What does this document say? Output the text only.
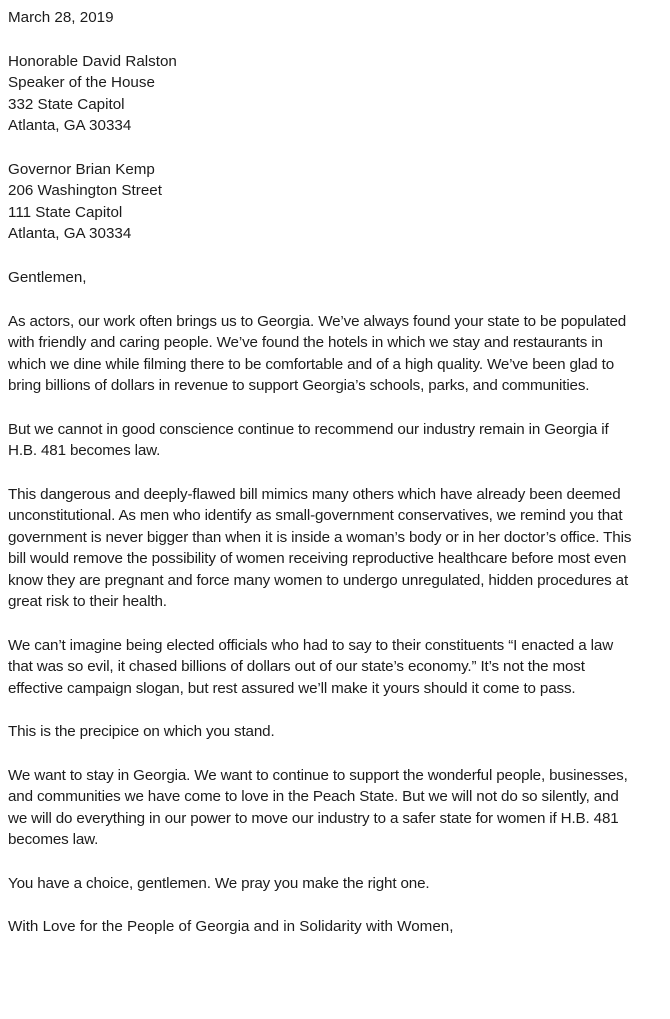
March 28, 2019
Honorable David Ralston
Speaker of the House
332 State Capitol
Atlanta, GA 30334
Governor Brian Kemp
206 Washington Street
111 State Capitol
Atlanta, GA 30334
Gentlemen,
As actors, our work often brings us to Georgia. We’ve always found your state to be populated
with friendly and caring people. We’ve found the hotels in which we stay and restaurants in
which we dine while filming there to be comfortable and of a high quality. We’ve been glad to
bring billions of dollars in revenue to support Georgia’s schools, parks, and communities.
But we cannot in good conscience continue to recommend our industry remain in Georgia if
H.B. 481 becomes law.
This dangerous and deeply-flawed bill mimics many others which have already been deemed
unconstitutional. As men who identify as small-government conservatives, we remind you that
government is never bigger than when it is inside a woman’s body or in her doctor’s office. This
bill would remove the possibility of women receiving reproductive healthcare before most even
know they are pregnant and force many women to undergo unregulated, hidden procedures at
great risk to their health.
We can’t imagine being elected officials who had to say to their constituents “I enacted a law
that was so evil, it chased billions of dollars out of our state’s economy.” It’s not the most
effective campaign slogan, but rest assured we’ll make it yours should it come to pass.
This is the precipice on which you stand.
We want to stay in Georgia. We want to continue to support the wonderful people, businesses,
and communities we have come to love in the Peach State. But we will not do so silently, and
we will do everything in our power to move our industry to a safer state for women if H.B. 481
becomes law.
You have a choice, gentlemen. We pray you make the right one.
With Love for the People of Georgia and in Solidarity with Women,
